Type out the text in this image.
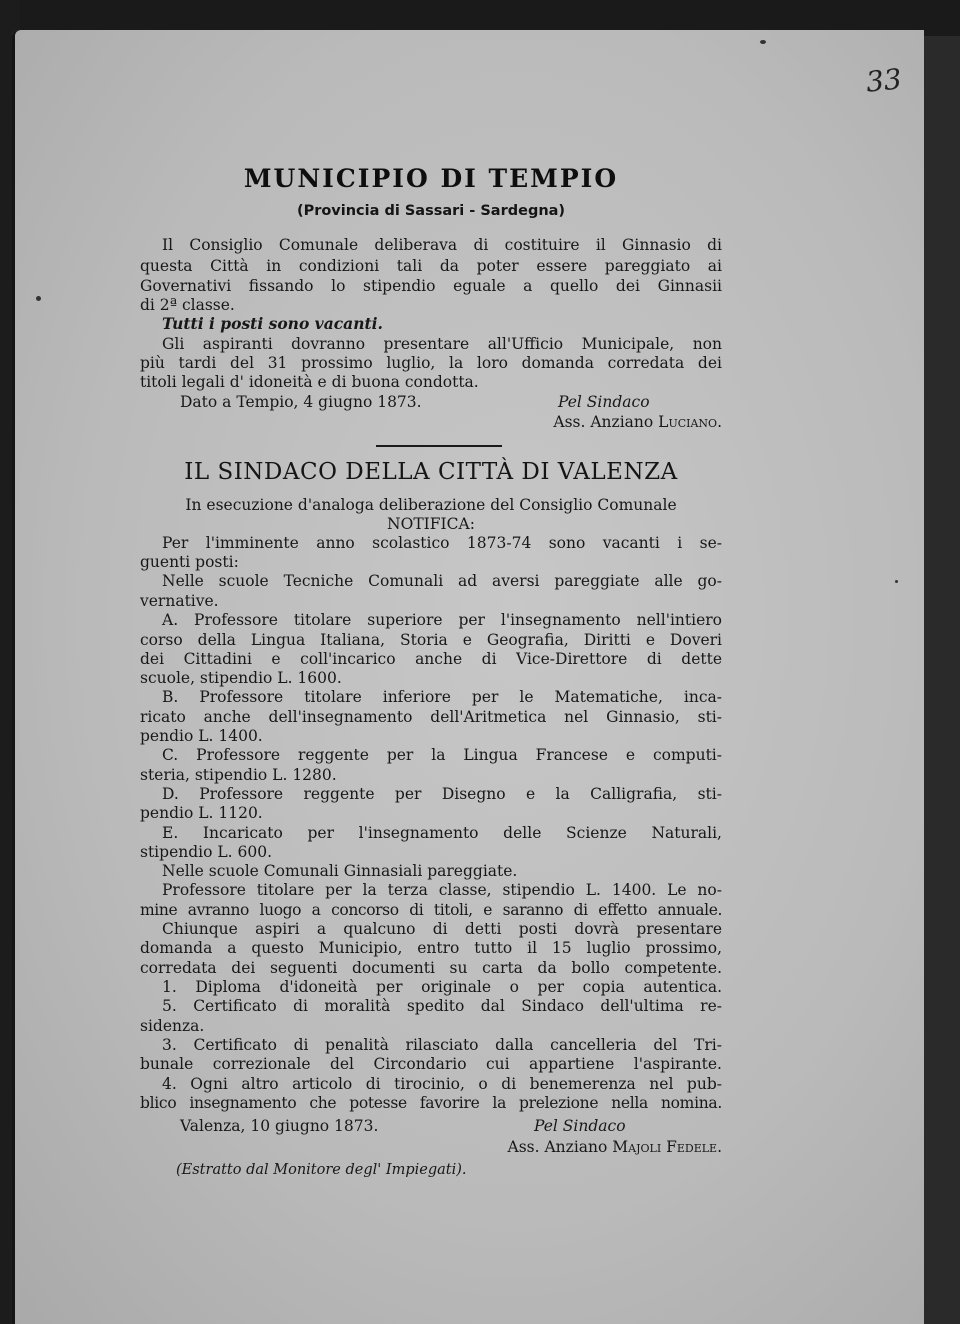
33
MUNICIPIO DI TEMPIO
(Provincia di Sassari - Sardegna)
Il Consiglio Comunale deliberava di costituire il Ginnasio di
questa Città in condizioni tali da poter essere pareggiato ai
Governativi fissando lo stipendio eguale a quello dei Ginnasii
di 2ª classe.
Tutti i posti sono vacanti.
Gli aspiranti dovranno presentare all'Ufficio Municipale, non
più tardi del 31 prossimo luglio, la loro domanda corredata dei
titoli legali d' idoneità e di buona condotta.
Dato a Tempio, 4 giugno 1873.	Pel Sindaco
Ass. Anziano Luciano.
IL SINDACO DELLA CITTÀ DI VALENZA
In esecuzione d'analoga deliberazione del Consiglio Comunale
NOTIFICA:
Per l'imminente anno scolastico 1873-74 sono vacanti i se-
guenti posti:
Nelle scuole Tecniche Comunali ad aversi pareggiate alle go-
vernative.
A. Professore titolare superiore per l'insegnamento nell'intiero
corso della Lingua Italiana, Storia e Geografia, Diritti e Doveri
dei Cittadini e coll'incarico anche di Vice-Direttore di dette
scuole, stipendio L. 1600.
B. Professore titolare inferiore per le Matematiche, inca-
ricato anche dell'insegnamento dell'Aritmetica nel Ginnasio, sti-
pendio L. 1400.
C. Professore reggente per la Lingua Francese e computi-
steria, stipendio L. 1280.
D. Professore reggente per Disegno e la Calligrafia, sti-
pendio L. 1120.
E. Incaricato per l'insegnamento delle Scienze Naturali,
stipendio L. 600.
Nelle scuole Comunali Ginnasiali pareggiate.
Professore titolare per la terza classe, stipendio L. 1400. Le no-
mine avranno luogo a concorso di titoli, e saranno di effetto annuale.
Chiunque aspiri a qualcuno di detti posti dovrà presentare
domanda a questo Municipio, entro tutto il 15 luglio prossimo,
corredata dei seguenti documenti su carta da bollo competente.
1. Diploma d'idoneità per originale o per copia autentica.
5. Certificato di moralità spedito dal Sindaco dell'ultima re-
sidenza.
3. Certificato di penalità rilasciato dalla cancelleria del Tri-
bunale correzionale del Circondario cui appartiene l'aspirante.
4. Ogni altro articolo di tirocinio, o di benemerenza nel pub-
blico insegnamento che potesse favorire la prelezione nella nomina.
Valenza, 10 giugno 1873.	Pel Sindaco
Ass. Anziano Majoli Fedele.
(Estratto dal Monitore degl' Impiegati).
